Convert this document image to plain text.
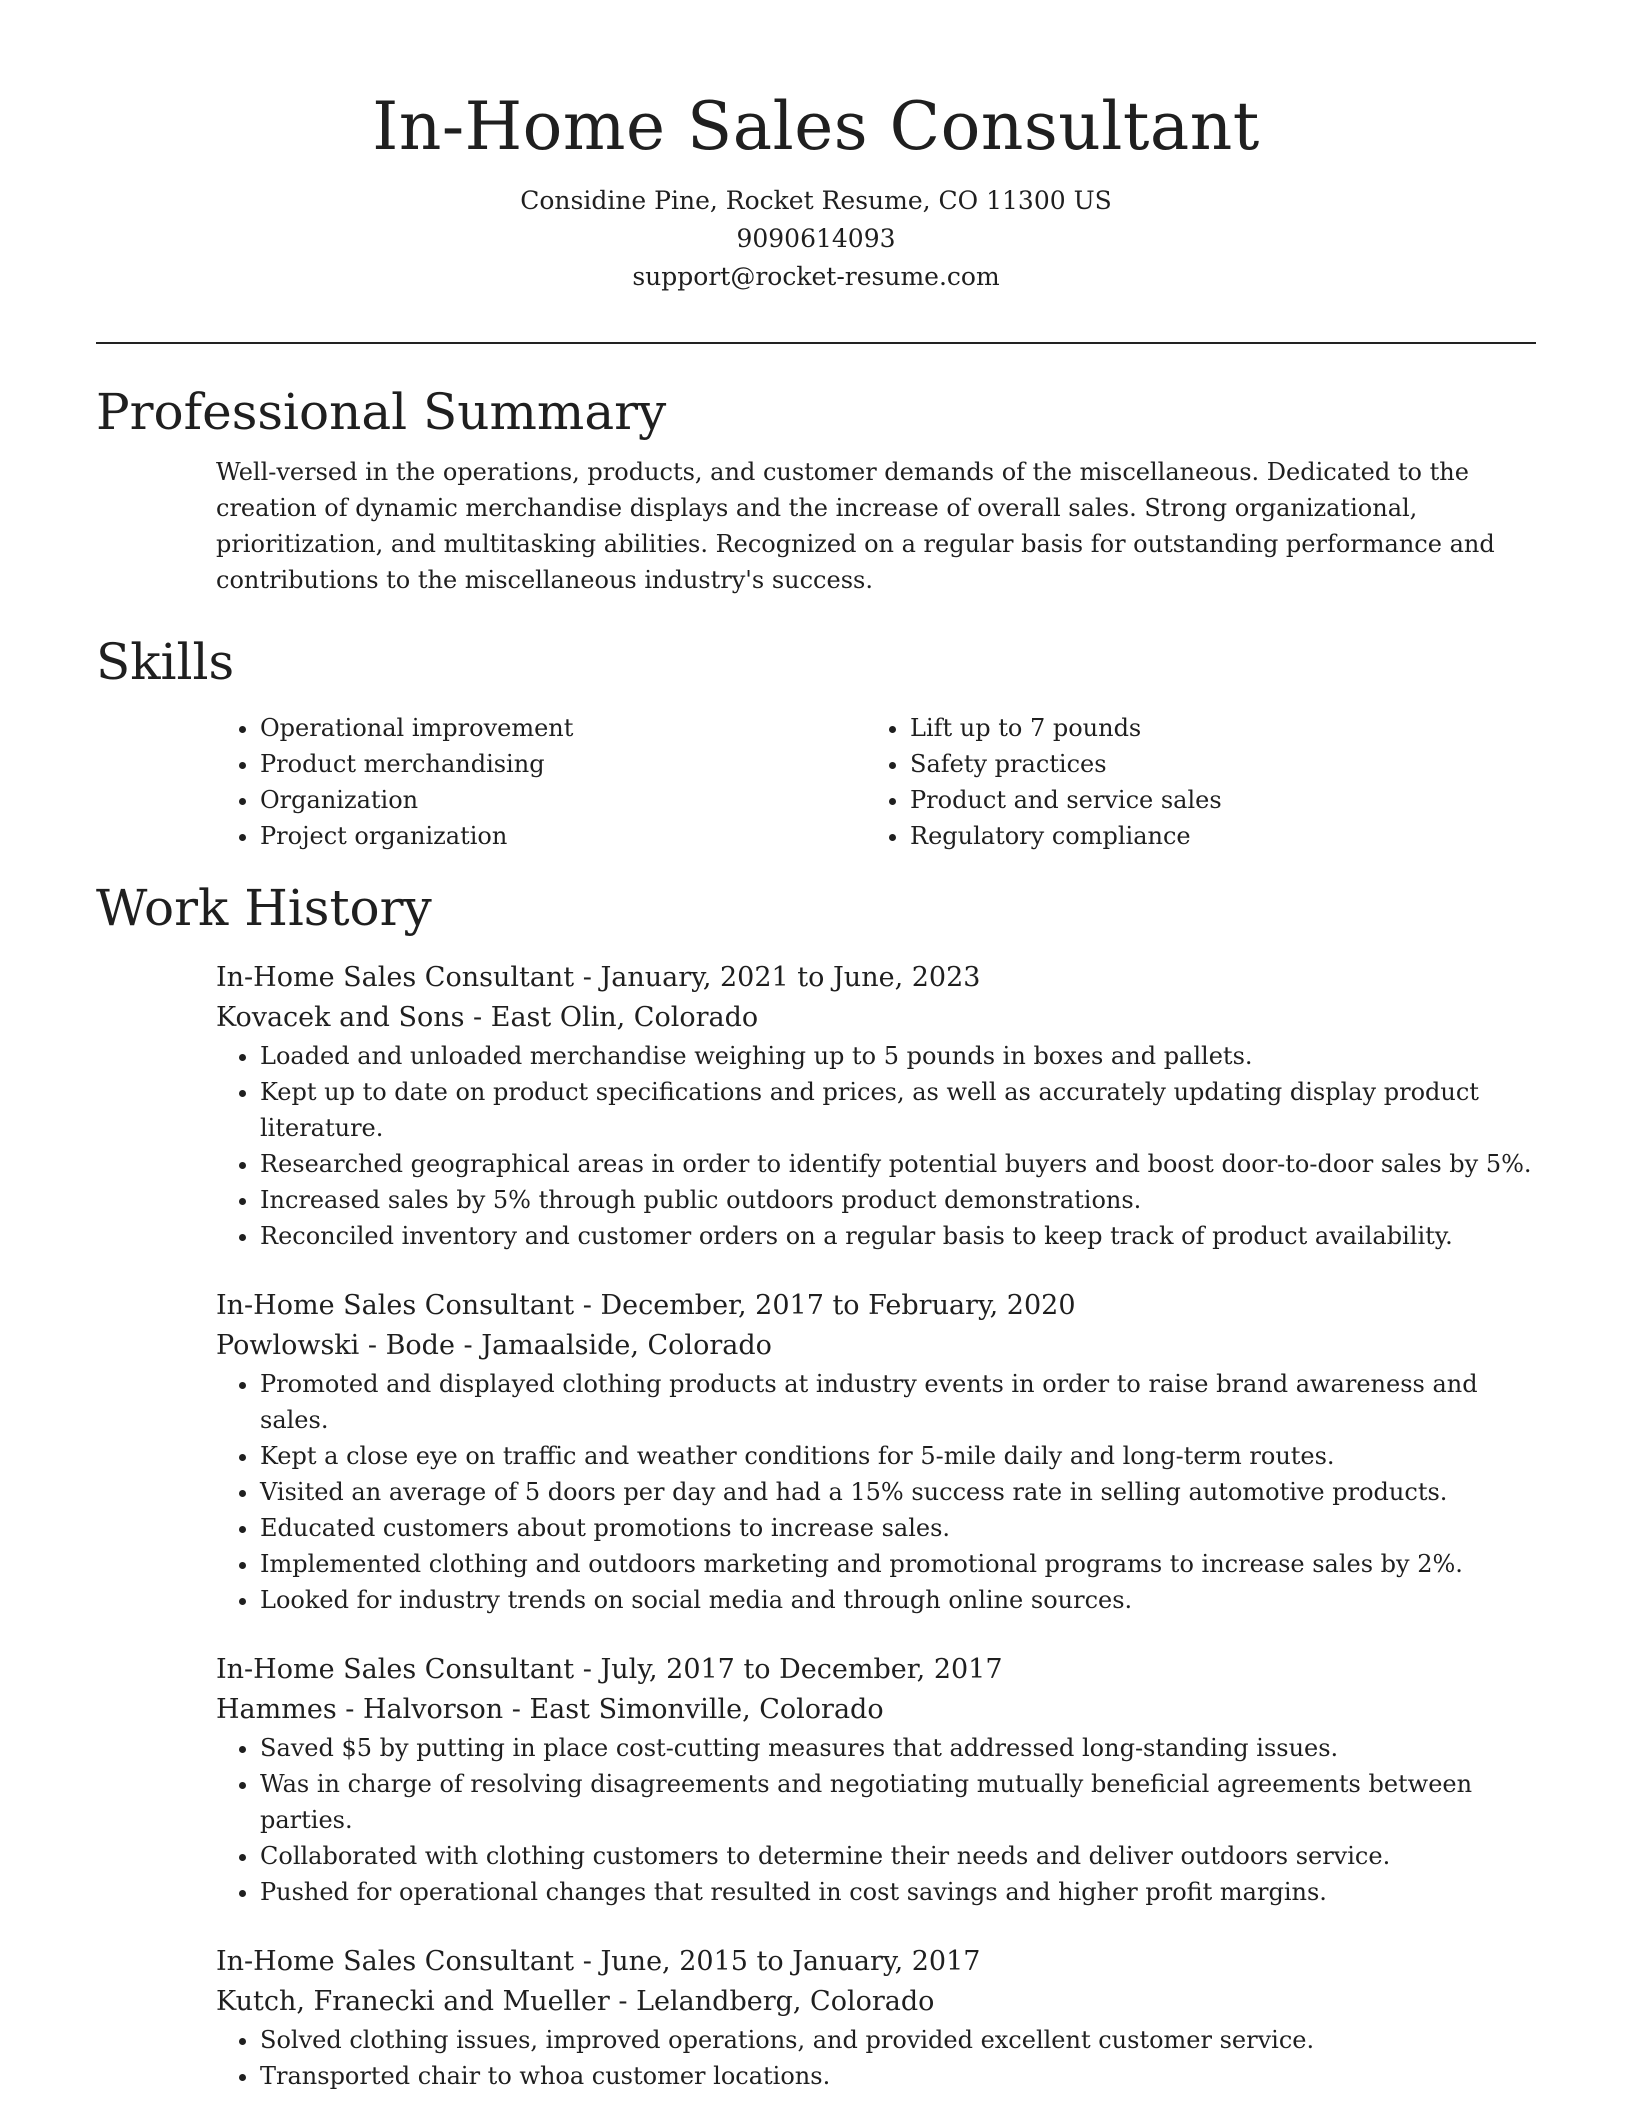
In-Home Sales Consultant
Considine Pine, Rocket Resume, CO 11300 US
9090614093
support@rocket-resume.com
Professional Summary
Well-versed in the operations, products, and customer demands of the miscellaneous. Dedicated to the creation of dynamic merchandise displays and the increase of overall sales. Strong organizational, prioritization, and multitasking abilities. Recognized on a regular basis for outstanding performance and contributions to the miscellaneous industry's success.
Skills
• Operational improvement
• Product merchandising
• Organization
• Project organization
• Lift up to 7 pounds
• Safety practices
• Product and service sales
• Regulatory compliance
Work History
In-Home Sales Consultant - January, 2021 to June, 2023
Kovacek and Sons - East Olin, Colorado
• Loaded and unloaded merchandise weighing up to 5 pounds in boxes and pallets.
• Kept up to date on product specifications and prices, as well as accurately updating display product literature.
• Researched geographical areas in order to identify potential buyers and boost door-to-door sales by 5%.
• Increased sales by 5% through public outdoors product demonstrations.
• Reconciled inventory and customer orders on a regular basis to keep track of product availability.
In-Home Sales Consultant - December, 2017 to February, 2020
Powlowski - Bode - Jamaalside, Colorado
• Promoted and displayed clothing products at industry events in order to raise brand awareness and sales.
• Kept a close eye on traffic and weather conditions for 5-mile daily and long-term routes.
• Visited an average of 5 doors per day and had a 15% success rate in selling automotive products.
• Educated customers about promotions to increase sales.
• Implemented clothing and outdoors marketing and promotional programs to increase sales by 2%.
• Looked for industry trends on social media and through online sources.
In-Home Sales Consultant - July, 2017 to December, 2017
Hammes - Halvorson - East Simonville, Colorado
• Saved $5 by putting in place cost-cutting measures that addressed long-standing issues.
• Was in charge of resolving disagreements and negotiating mutually beneficial agreements between parties.
• Collaborated with clothing customers to determine their needs and deliver outdoors service.
• Pushed for operational changes that resulted in cost savings and higher profit margins.
In-Home Sales Consultant - June, 2015 to January, 2017
Kutch, Franecki and Mueller - Lelandberg, Colorado
• Solved clothing issues, improved operations, and provided excellent customer service.
• Transported chair to whoa customer locations.
